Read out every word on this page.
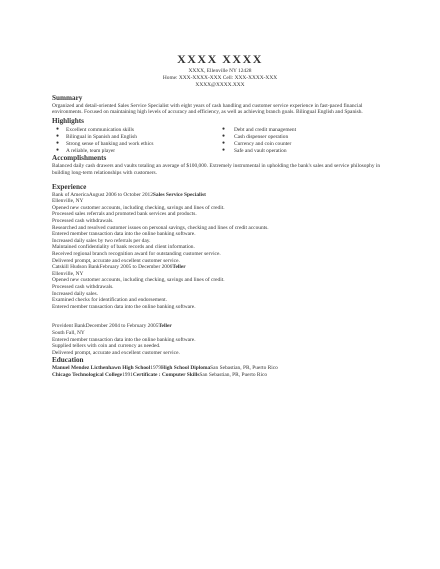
XXXX XXXX
XXXX, Ellenville NY 12428
Home: XXX-XXXX-XXX Cell: XXX-XXXX-XXX
XXXX@XXXX.XXX
Summary
Organized and detail-oriented Sales Service Specialist with eight years of cash handling and customer service experience in fast-paced financial environments. Focused on maintaining high levels of accuracy and efficiency, as well as achieving branch goals. Bilingual English and Spanish.
Highlights
● Excellent communication skills
● Bilingual in Spanish and English
● Strong sense of banking and work ethics
● A reliable, team player
● Debt and credit management
● Cash dispenser operation
● Currency and coin counter
● Safe and vault operation
Accomplishments
Balanced daily cash drawers and vaults totaling an average of $100,000. Extremely instrumental in upholding the bank's sales and service philosophy in building long-term relationships with customers.
Experience
Bank of AmericaAugust 2006 to October 2012Sales Service Specialist
Ellenville, NY
Opened new customer accounts, including checking, savings and lines of credit.
Processed sales referrals and promoted bank services and products.
Processed cash withdrawals.
Researched and resolved customer issues on personal savings, checking and lines of credit accounts.
Entered member transaction data into the online banking software.
Increased daily sales by two referrals per day.
Maintained confidentiality of bank records and client information.
Received regional branch recognition award for outstanding customer service.
Delivered prompt, accurate and excellent customer service.
Catskill Hudson BankFebruary 2005 to December 2006Teller
Ellenville, NY
Opened new customer accounts, including checking, savings and lines of credit.
Processed cash withdrawals.
Increased daily sales.
Examined checks for identification and endorsement.
Entered member transaction data into the online banking software.
Provident BankDecember 2004 to February 2005Teller
South Fall, NY
Entered member transaction data into the online banking software.
Supplied tellers with coin and currency as needed.
Delivered prompt, accurate and excellent customer service.
Education
Manuel Mendez Licthenhawn High School1979High School DiplomaSan Sebastian, PR, Puerto Rico
Chicago Technological College1991Certificate : Computer SkillsSan Sebastian, PR, Puerto Rico
